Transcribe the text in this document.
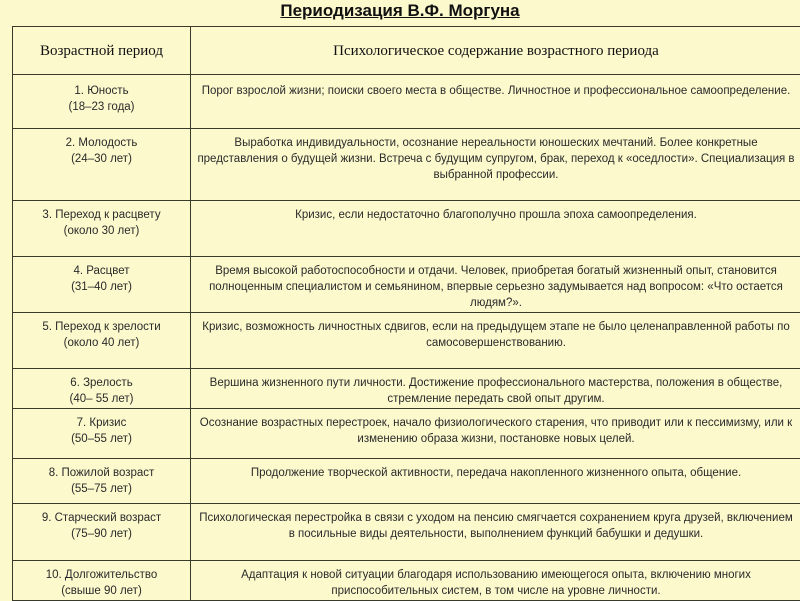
Периодизация В.Ф. Моргуна
Возрастной период	Психологическое содержание возрастного периода

1. Юность
(18–23 года)	Порог взрослой жизни; поиски своего места в обществе. Личностное и профессиональное самоопределение.

2. Молодость
(24–30 лет)	Выработка индивидуальности, осознание нереальности юношеских мечтаний. Более конкретные представления о будущей жизни. Встреча с будущим супругом, брак, переход к «оседлости». Специализация в выбранной профессии.

3. Переход к расцвету
(около 30 лет)	Кризис, если недостаточно благополучно прошла эпоха самоопределения.

4. Расцвет
(31–40 лет)	Время высокой работоспособности и отдачи. Человек, приобретая богатый жизненный опыт, становится полноценным специалистом и семьянином, впервые серьезно задумывается над вопросом: «Что остается людям?».

5. Переход к зрелости
(около 40 лет)	Кризис, возможность личностных сдвигов, если на предыдущем этапе не было целенаправленной работы по самосовершенствованию.

6. Зрелость
(40– 55 лет)	Вершина жизненного пути личности. Достижение профессионального мастерства, положения в обществе, стремление передать свой опыт другим.

7. Кризис
(50–55 лет)	Осознание возрастных перестроек, начало физиологического старения, что приводит или к пессимизму, или к изменению образа жизни, постановке новых целей.

8. Пожилой возраст
(55–75 лет)	Продолжение творческой активности, передача накопленного жизненного опыта, общение.

9. Старческий возраст
(75–90 лет)	Психологическая перестройка в связи с уходом на пенсию смягчается сохранением круга друзей, включением в посильные виды деятельности, выполнением функций бабушки и дедушки.

10. Долгожительство
(свыше 90 лет)	Адаптация к новой ситуации благодаря использованию имеющегося опыта, включению многих приспособительных систем, в том числе на уровне личности.
